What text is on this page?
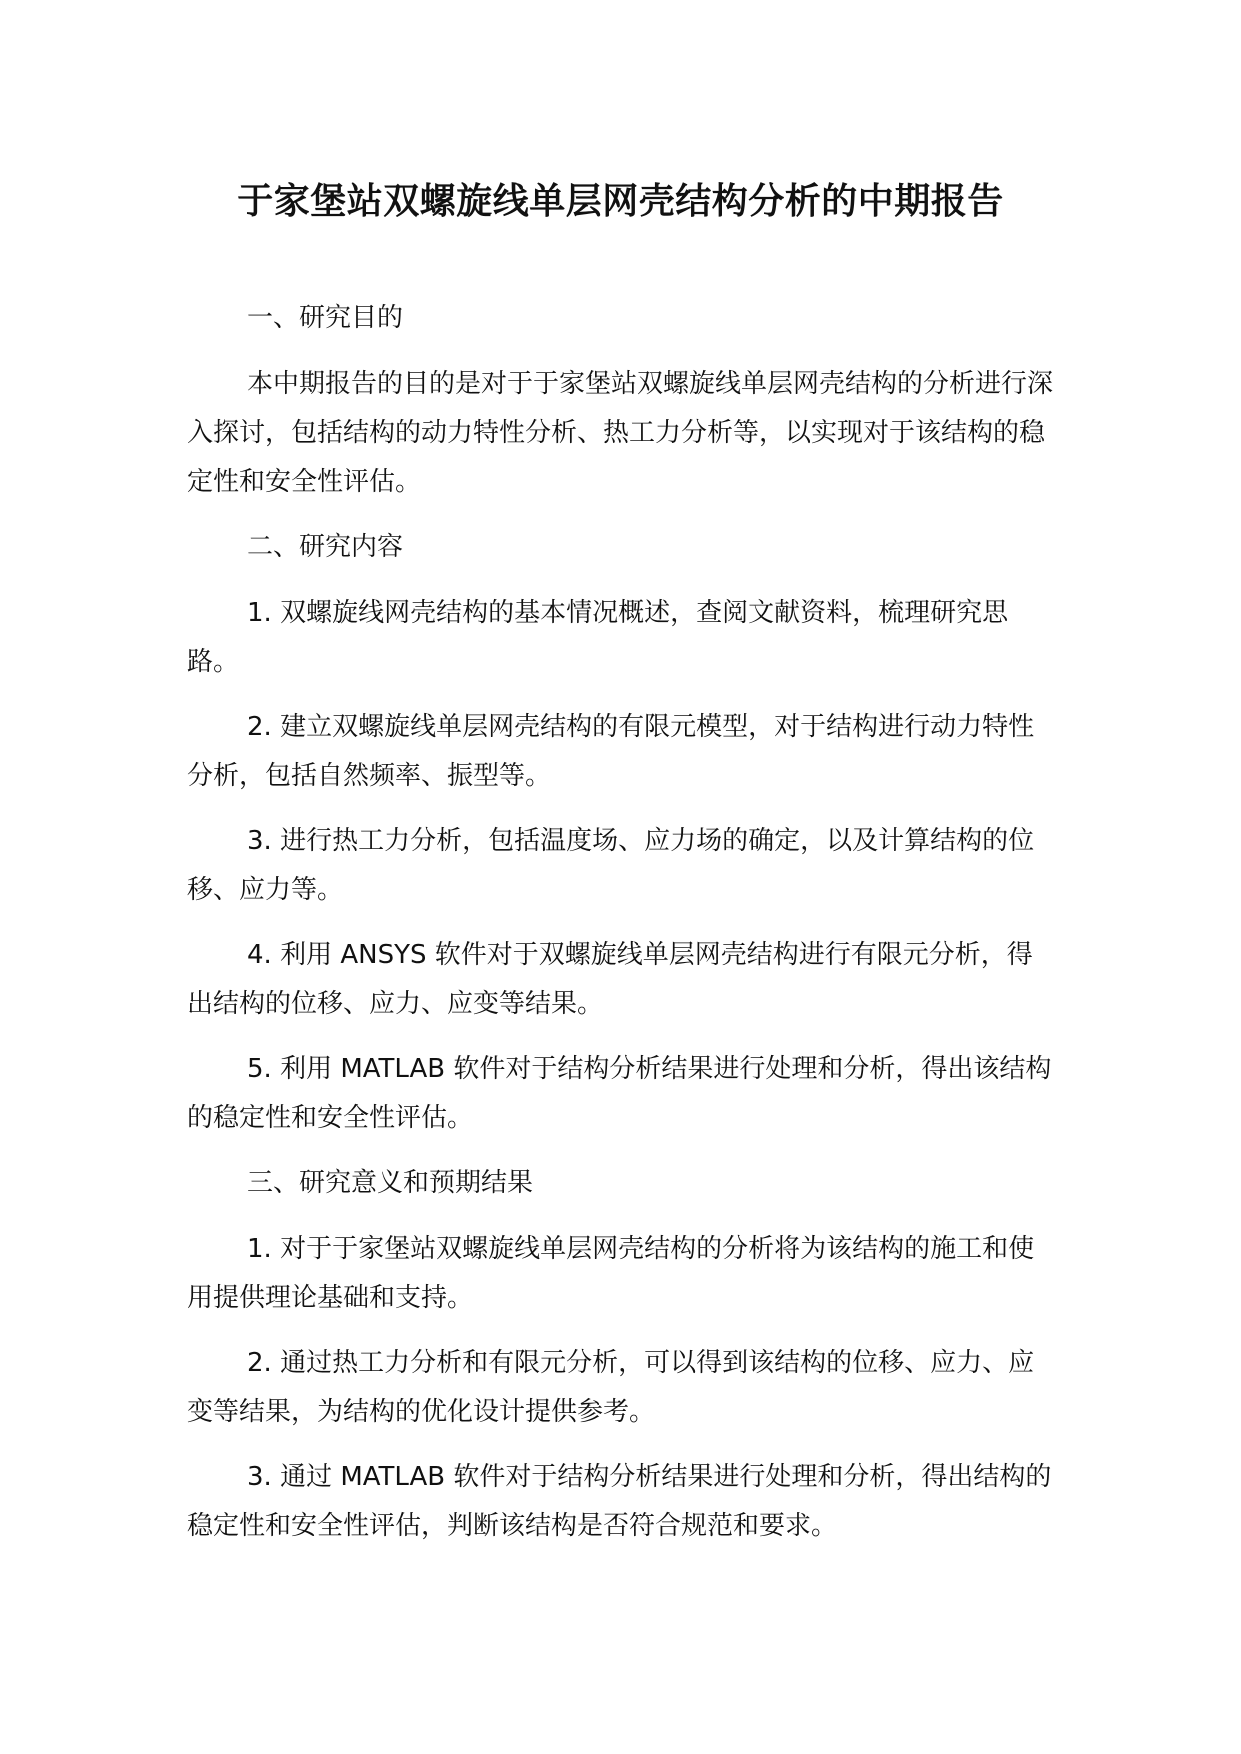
于家堡站双螺旋线单层网壳结构分析的中期报告

一、研究目的

本中期报告的目的是对于于家堡站双螺旋线单层网壳结构的分析进行深入探讨，包括结构的动力特性分析、热工力分析等，以实现对于该结构的稳定性和安全性评估。

二、研究内容

1. 双螺旋线网壳结构的基本情况概述，查阅文献资料，梳理研究思路。

2. 建立双螺旋线单层网壳结构的有限元模型，对于结构进行动力特性分析，包括自然频率、振型等。

3. 进行热工力分析，包括温度场、应力场的确定，以及计算结构的位移、应力等。

4. 利用 ANSYS 软件对于双螺旋线单层网壳结构进行有限元分析，得出结构的位移、应力、应变等结果。

5. 利用 MATLAB 软件对于结构分析结果进行处理和分析，得出该结构的稳定性和安全性评估。

三、研究意义和预期结果

1. 对于于家堡站双螺旋线单层网壳结构的分析将为该结构的施工和使用提供理论基础和支持。

2. 通过热工力分析和有限元分析，可以得到该结构的位移、应力、应变等结果，为结构的优化设计提供参考。

3. 通过 MATLAB 软件对于结构分析结果进行处理和分析，得出结构的稳定性和安全性评估，判断该结构是否符合规范和要求。
